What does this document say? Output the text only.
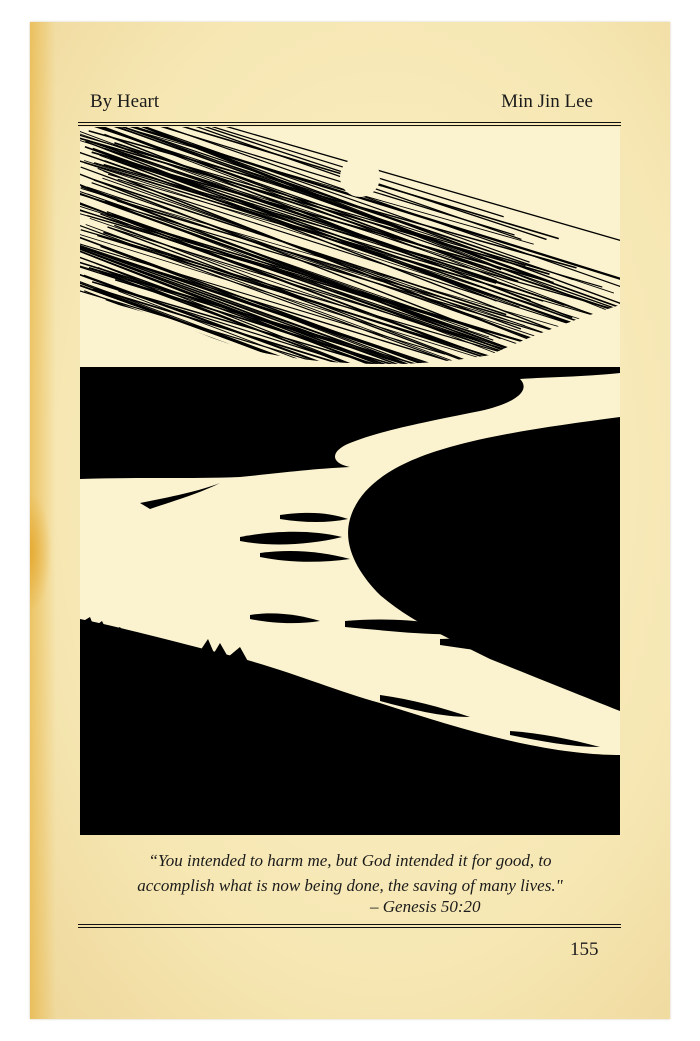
By Heart	Min Jin Lee
“You intended to harm me, but God intended it for good, to
accomplish what is now being done, the saving of many lives."
– Genesis 50:20
155
